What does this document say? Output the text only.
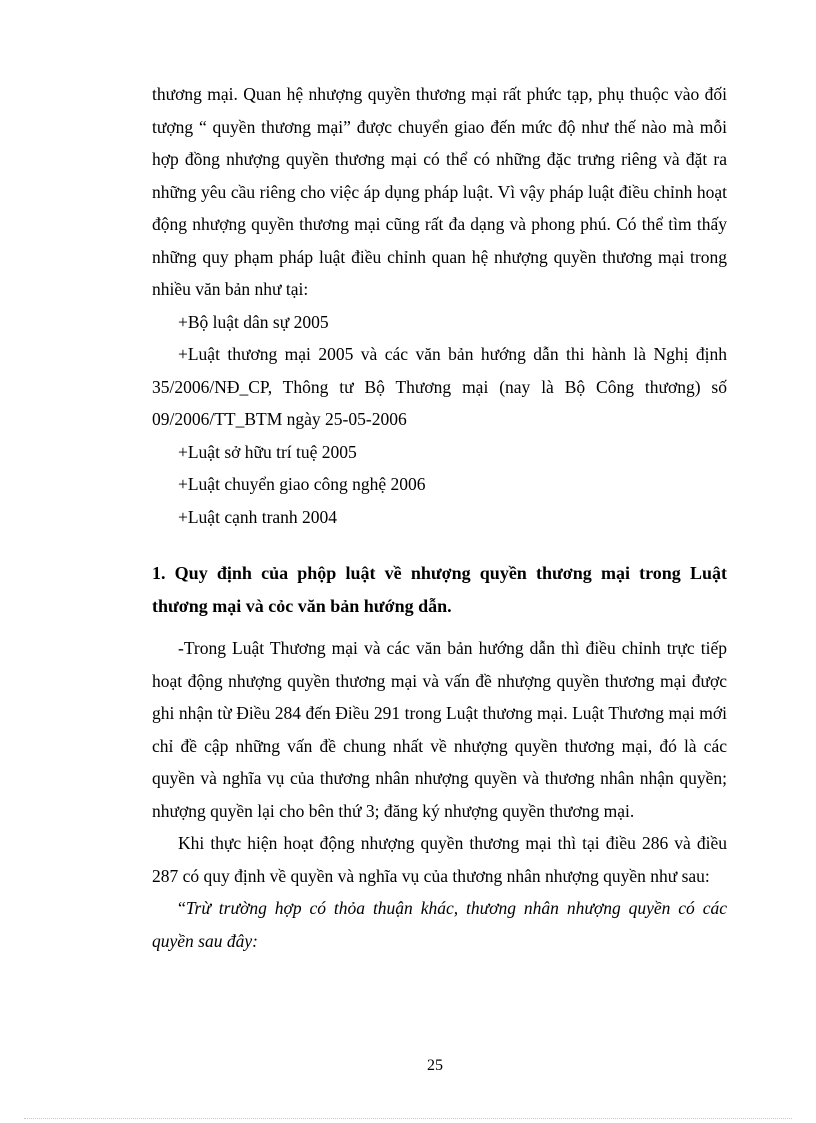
thương mại. Quan hệ nhượng quyền thương mại rất phức tạp, phụ thuộc vào đối tượng “ quyền thương mại” được chuyển giao đến mức độ như thế nào mà mỗi hợp đồng nhượng quyền thương mại có thể có những đặc trưng riêng và đặt ra những yêu cầu riêng cho việc áp dụng pháp luật. Vì vậy pháp luật điều chỉnh hoạt động nhượng quyền thương mại cũng rất đa dạng và phong phú. Có thể tìm thấy những quy phạm pháp luật điều chỉnh quan hệ nhượng quyền thương mại trong nhiều văn bản như tại:

+Bộ luật dân sự 2005

+Luật thương mại 2005 và các văn bản hướng dẫn thi hành là Nghị định 35/2006/NĐ_CP, Thông tư Bộ Thương mại (nay là Bộ Công thương) số 09/2006/TT_BTM ngày 25-05-2006

+Luật sở hữu trí tuệ 2005

+Luật chuyển giao công nghệ 2006

+Luật cạnh tranh 2004

1. Quy định của phộp luật về nhượng quyền thương mại trong Luật thương mại và cỏc văn bản hướng dẫn.

-Trong Luật Thương mại và các văn bản hướng dẫn thì điều chỉnh trực tiếp hoạt động nhượng quyền thương mại và vấn đề nhượng quyền thương mại được ghi nhận từ Điều 284 đến Điều 291 trong Luật thương mại. Luật Thương mại mới chỉ đề cập những vấn đề chung nhất về nhượng quyền thương mại, đó là các quyền và nghĩa vụ của thương nhân nhượng quyền và thương nhân nhận quyền; nhượng quyền lại cho bên thứ 3; đăng ký nhượng quyền thương mại.

Khi thực hiện hoạt động nhượng quyền thương mại thì tại điều 286 và điều 287 có quy định về quyền và nghĩa vụ của thương nhân nhượng quyền như sau:

“Trừ trường hợp có thỏa thuận khác, thương nhân nhượng quyền có các quyền sau đây:

25
